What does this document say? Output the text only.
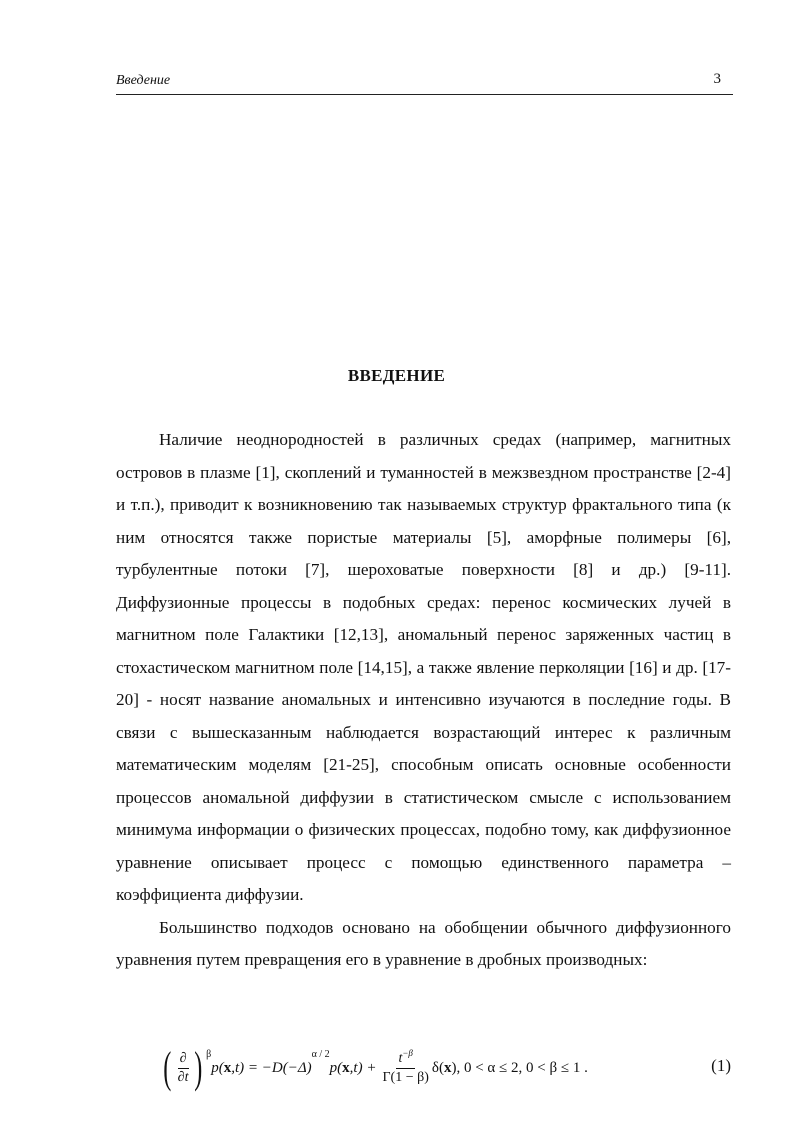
Введение	3
ВВЕДЕНИЕ

Наличие неоднородностей в различных средах (например, магнитных островов в плазме [1], скоплений и туманностей в межзвездном пространстве [2-4] и т.п.), приводит к возникновению так называемых структур фрактального типа (к ним относятся также пористые материалы [5], аморфные полимеры [6], турбулентные потоки [7], шероховатые поверхности [8] и др.) [9-11]. Диффузионные процессы в подобных средах: перенос космических лучей в магнитном поле Галактики [12,13], аномальный перенос заряженных частиц в стохастическом магнитном поле [14,15], а также явление перколяции [16] и др. [17-20] - носят название аномальных и интенсивно изучаются в последние годы. В связи с вышесказанным наблюдается возрастающий интерес к различным математическим моделям [21-25], способным описать основные особенности процессов аномальной диффузии в статистическом смысле с использованием минимума информации о физических процессах, подобно тому, как диффузионное уравнение описывает процесс с помощью единственного параметра – коэффициента диффузии.

Большинство подходов основано на обобщении обычного диффузионного уравнения путем превращения его в уравнение в дробных производных:

( $\frac{\partial}{\partial t}$ ) β
p( x ,t) = −D(−Δ)
α / 2
p( x $,t) + \frac{t^{-\beta}}{\Gamma(1 - \beta)} \delta$( x ), 0 < α ≤ 2, 0 < β ≤ 1 .	(1)
